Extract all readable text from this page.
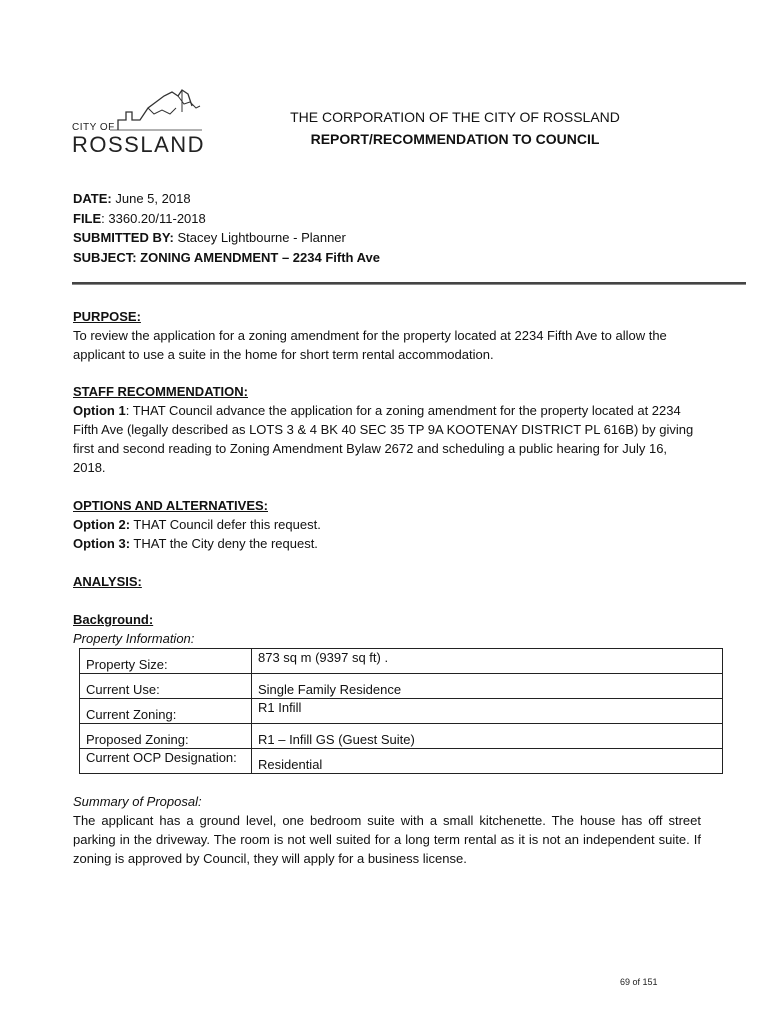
CITY OF
ROSSLAND
THE CORPORATION OF THE CITY OF ROSSLAND
REPORT/RECOMMENDATION TO COUNCIL
DATE: June 5, 2018
FILE: 3360.20/11-2018
SUBMITTED BY: Stacey Lightbourne - Planner
SUBJECT: ZONING AMENDMENT – 2234 Fifth Ave
PURPOSE:
To review the application for a zoning amendment for the property located at 2234 Fifth Ave to allow the applicant to use a suite in the home for short term rental accommodation.
STAFF RECOMMENDATION:
Option 1: THAT Council advance the application for a zoning amendment for the property located at 2234 Fifth Ave (legally described as LOTS 3 & 4 BK 40 SEC 35 TP 9A KOOTENAY DISTRICT PL 616B) by giving first and second reading to Zoning Amendment Bylaw 2672 and scheduling a public hearing for July 16, 2018.
OPTIONS AND ALTERNATIVES:
Option 2: THAT Council defer this request.
Option 3: THAT the City deny the request.
ANALYSIS:
Background:
Property Information:
Property Size:	873 sq m (9397 sq ft) .
Current Use:	Single Family Residence
Current Zoning:	R1 Infill
Proposed Zoning:	R1 – Infill GS (Guest Suite)
Current OCP Designation:	Residential
Summary of Proposal:
The applicant has a ground level, one bedroom suite with a small kitchenette. The house has off street parking in the driveway. The room is not well suited for a long term rental as it is not an independent suite. If zoning is approved by Council, they will apply for a business license.
69 of 151
